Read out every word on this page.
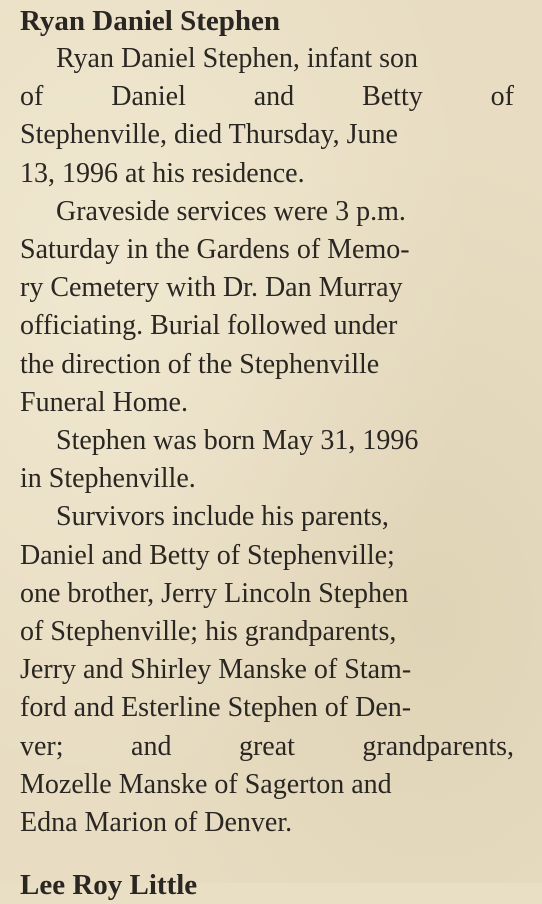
Ryan Daniel Stephen
Ryan Daniel Stephen, infant son
of Daniel and Betty of
Stephenville, died Thursday, June
13, 1996 at his residence.
Graveside services were 3 p.m.
Saturday in the Gardens of Memo-
ry Cemetery with Dr. Dan Murray
officiating. Burial followed under
the direction of the Stephenville
Funeral Home.
Stephen was born May 31, 1996
in Stephenville.
Survivors include his parents,
Daniel and Betty of Stephenville;
one brother, Jerry Lincoln Stephen
of Stephenville; his grandparents,
Jerry and Shirley Manske of Stam-
ford and Esterline Stephen of Den-
ver; and great grandparents,
Mozelle Manske of Sagerton and
Edna Marion of Denver.
Lee Roy Little
